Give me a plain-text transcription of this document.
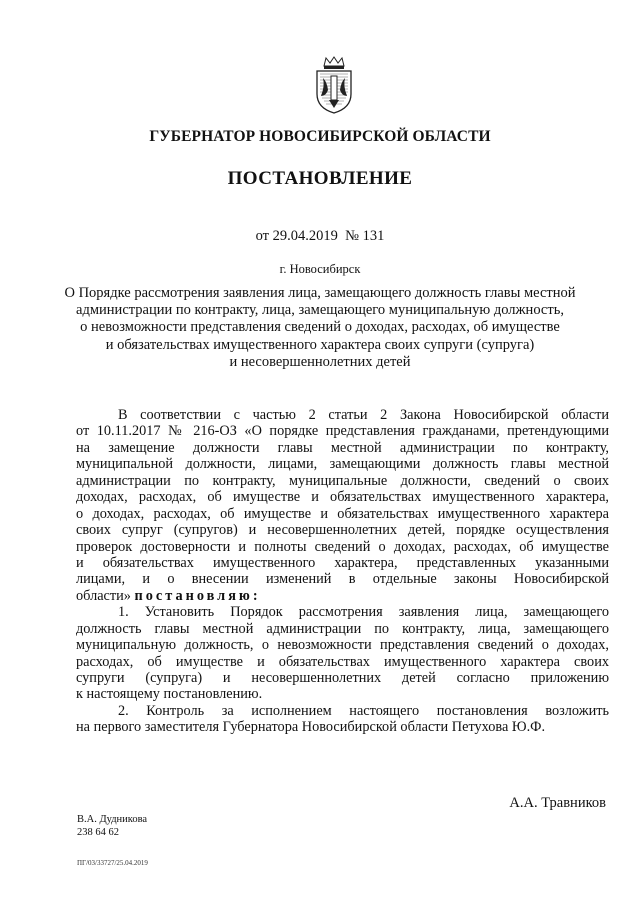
ГУБЕРНАТОР НОВОСИБИРСКОЙ ОБЛАСТИ
ПОСТАНОВЛЕНИЕ
от 29.04.2019  № 131
г. Новосибирск
О Порядке рассмотрения заявления лица, замещающего должность главы местной
администрации по контракту, лица, замещающего муниципальную должность,
о невозможности представления сведений о доходах, расходах, об имуществе
и обязательствах имущественного характера своих супруги (супруга)
и несовершеннолетних детей
В соответствии с частью 2 статьи 2 Закона Новосибирской области
от 10.11.2017 № 216-ОЗ «О порядке представления гражданами, претендующими
на замещение должности главы местной администрации по контракту,
муниципальной должности, лицами, замещающими должность главы местной
администрации по контракту, муниципальные должности, сведений о своих
доходах, расходах, об имуществе и обязательствах имущественного характера,
о доходах, расходах, об имуществе и обязательствах имущественного характера
своих супруг (супругов) и несовершеннолетних детей, порядке осуществления
проверок достоверности и полноты сведений о доходах, расходах, об имуществе
и обязательствах имущественного характера, представленных указанными
лицами, и о внесении изменений в отдельные законы Новосибирской
области» постановляю:
1. Установить Порядок рассмотрения заявления лица, замещающего
должность главы местной администрации по контракту, лица, замещающего
муниципальную должность, о невозможности представления сведений о доходах,
расходах, об имуществе и обязательствах имущественного характера своих
супруги (супруга) и несовершеннолетних детей согласно приложению
к настоящему постановлению.
2. Контроль за исполнением настоящего постановления возложить
на первого заместителя Губернатора Новосибирской области Петухова Ю.Ф.
А.А. Травников
В.А. Дудникова
238 64 62
ПГ/03/33727/25.04.2019
